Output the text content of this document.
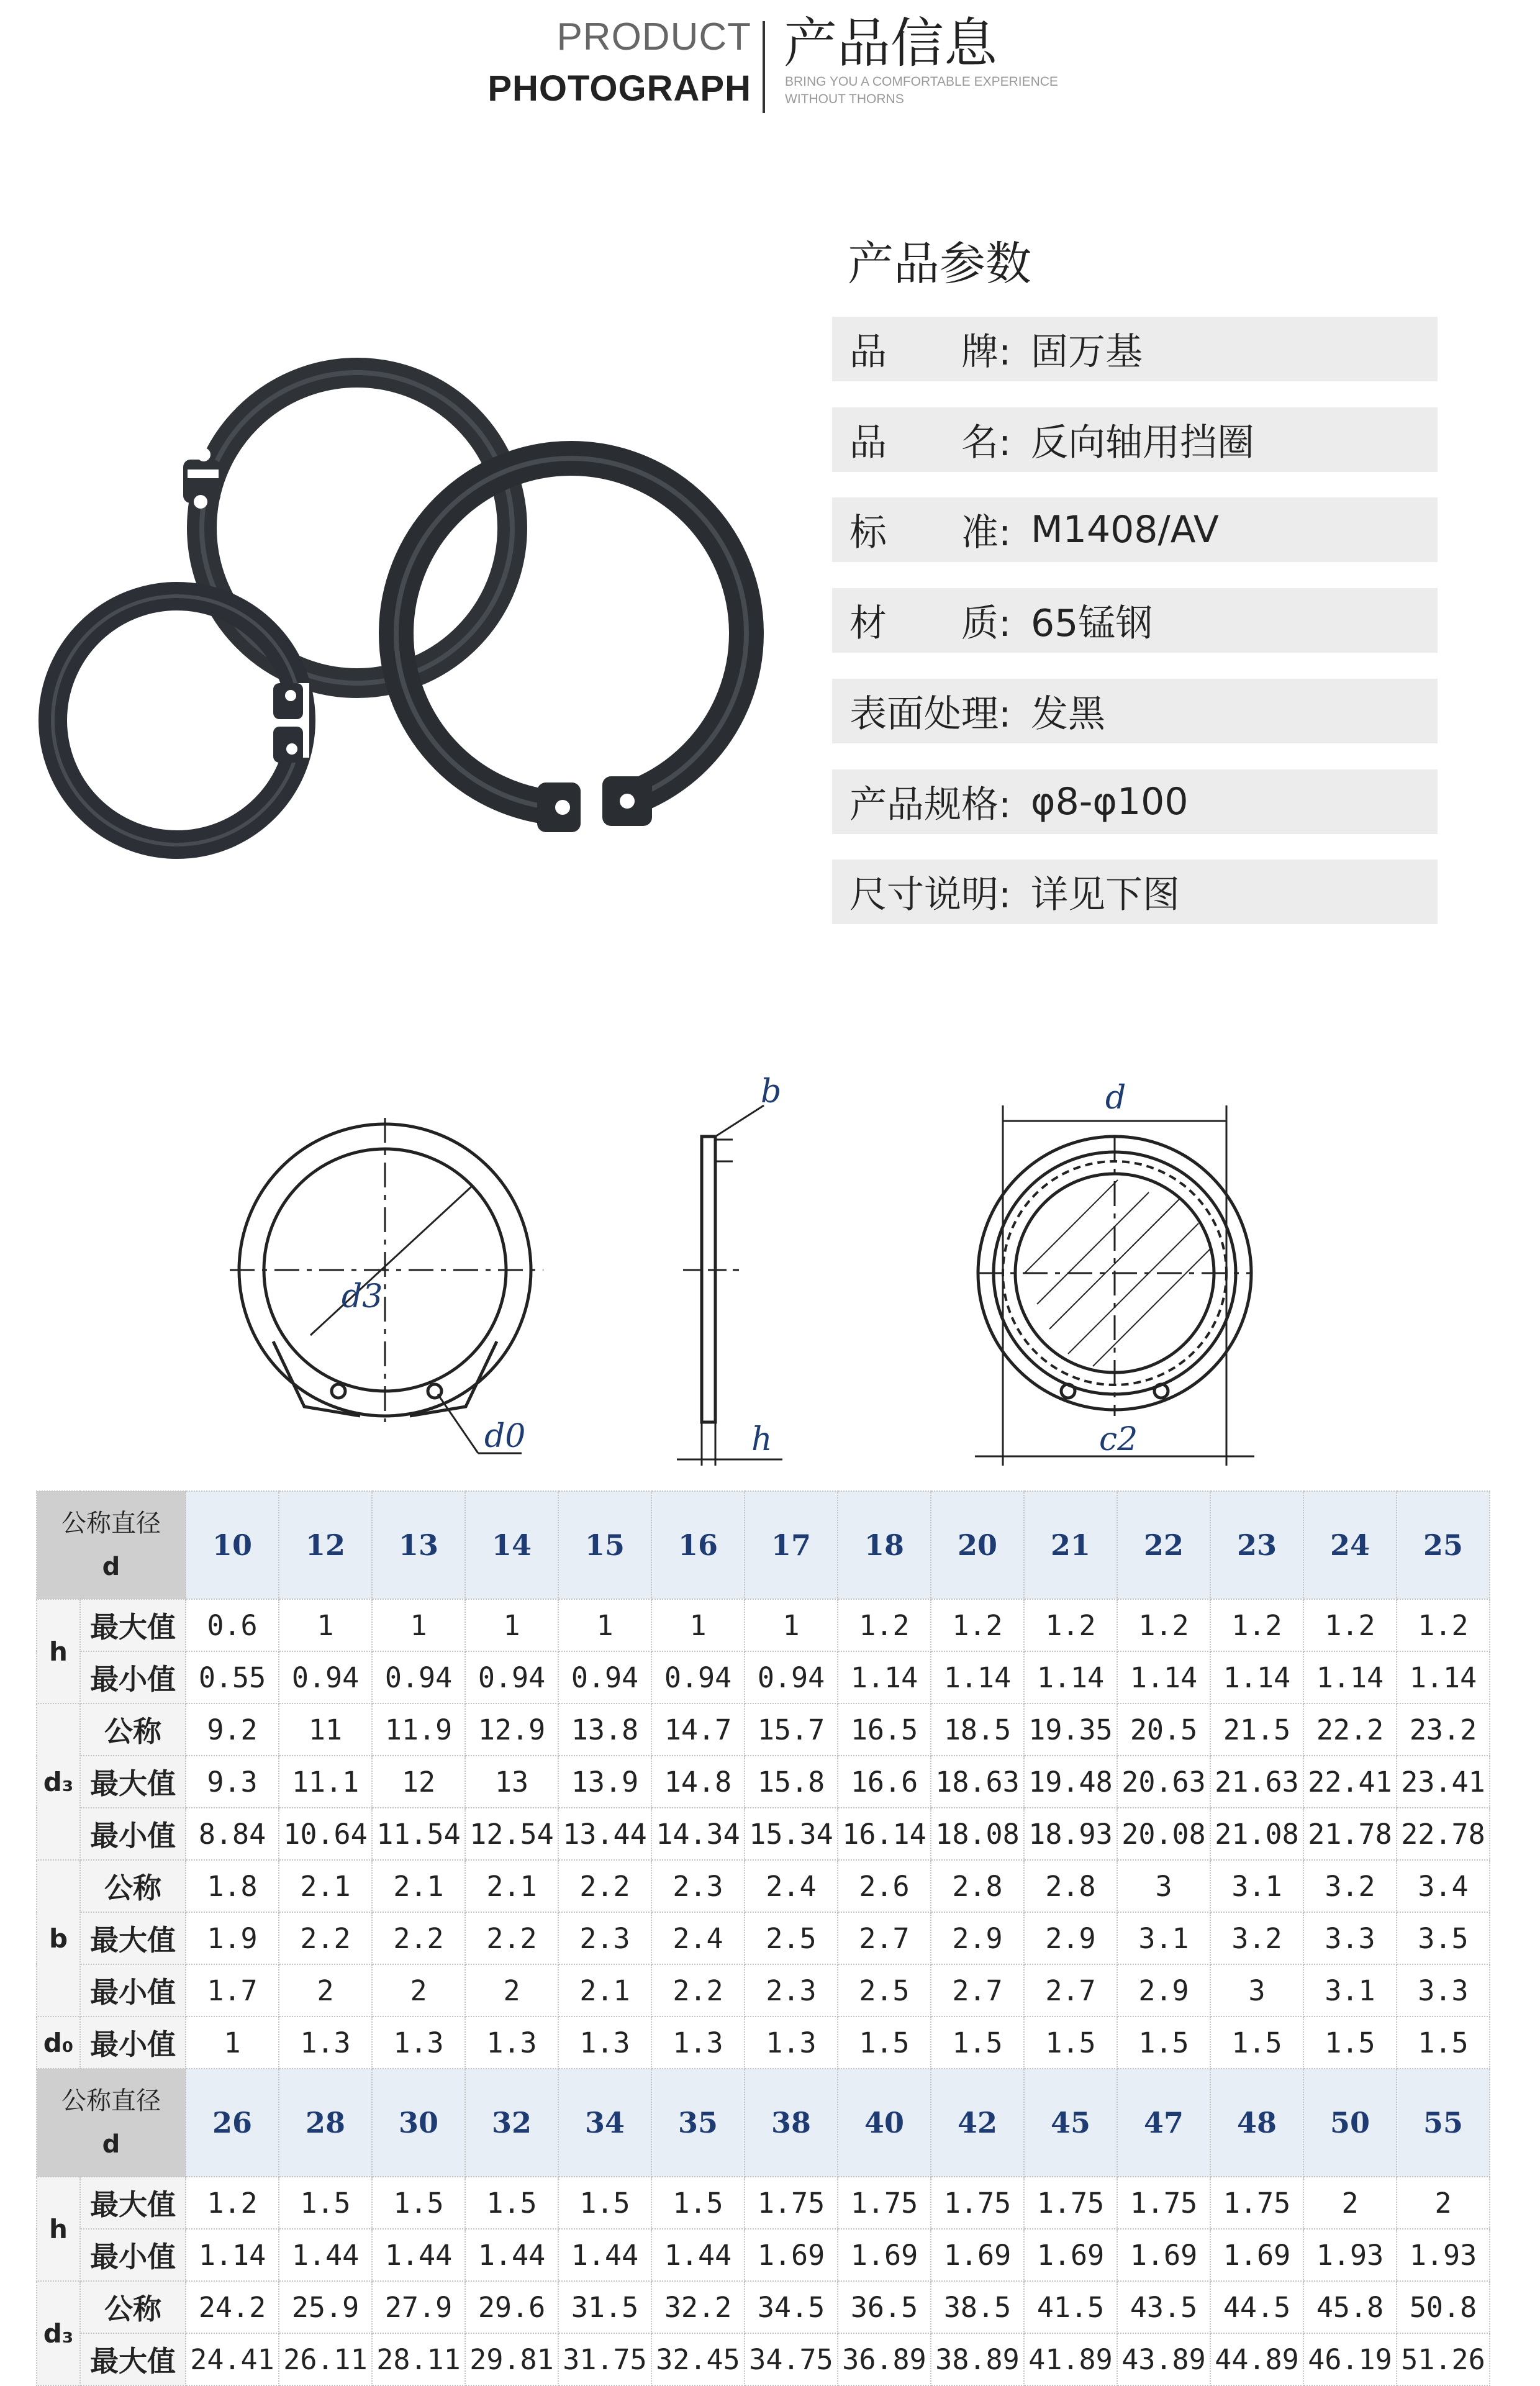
PRODUCT
PHOTOGRAPH
产品信息
BRING YOU A COMFORTABLE EXPERIENCE
WITHOUT THORNS
产品参数
品　　牌: 固万基
品　　名: 反向轴用挡圈
标　　准: M1408/AV
材　　质: 65锰钢
表面处理: 发黑
产品规格: φ8-φ100
尺寸说明: 详见下图
d3
d0
b
h
d
c2
公称直径
d		10	12	13	14	15	16	17	18	20	21	22	23	24	25
h	最大值	0.6	1	1	1	1	1	1	1.2	1.2	1.2	1.2	1.2	1.2	1.2
	最小值	0.55	0.94	0.94	0.94	0.94	0.94	0.94	1.14	1.14	1.14	1.14	1.14	1.14	1.14
d₃	公称	9.2	11	11.9	12.9	13.8	14.7	15.7	16.5	18.5	19.35	20.5	21.5	22.2	23.2
	最大值	9.3	11.1	12	13	13.9	14.8	15.8	16.6	18.63	19.48	20.63	21.63	22.41	23.41
	最小值	8.84	10.64	11.54	12.54	13.44	14.34	15.34	16.14	18.08	18.93	20.08	21.08	21.78	22.78
b	公称	1.8	2.1	2.1	2.1	2.2	2.3	2.4	2.6	2.8	2.8	3	3.1	3.2	3.4
	最大值	1.9	2.2	2.2	2.2	2.3	2.4	2.5	2.7	2.9	2.9	3.1	3.2	3.3	3.5
	最小值	1.7	2	2	2	2.1	2.2	2.3	2.5	2.7	2.7	2.9	3	3.1	3.3
d₀	最小值	1	1.3	1.3	1.3	1.3	1.3	1.3	1.5	1.5	1.5	1.5	1.5	1.5	1.5

公称直径
d		26	28	30	32	34	35	38	40	42	45	47	48	50	55
h	最大值	1.2	1.5	1.5	1.5	1.5	1.5	1.75	1.75	1.75	1.75	1.75	1.75	2	2
	最小值	1.14	1.44	1.44	1.44	1.44	1.44	1.69	1.69	1.69	1.69	1.69	1.69	1.93	1.93
d₃	公称	24.2	25.9	27.9	29.6	31.5	32.2	34.5	36.5	38.5	41.5	43.5	44.5	45.8	50.8
	最大值	24.41	26.11	28.11	29.81	31.75	32.45	34.75	36.89	38.89	41.89	43.89	44.89	46.19	51.26
